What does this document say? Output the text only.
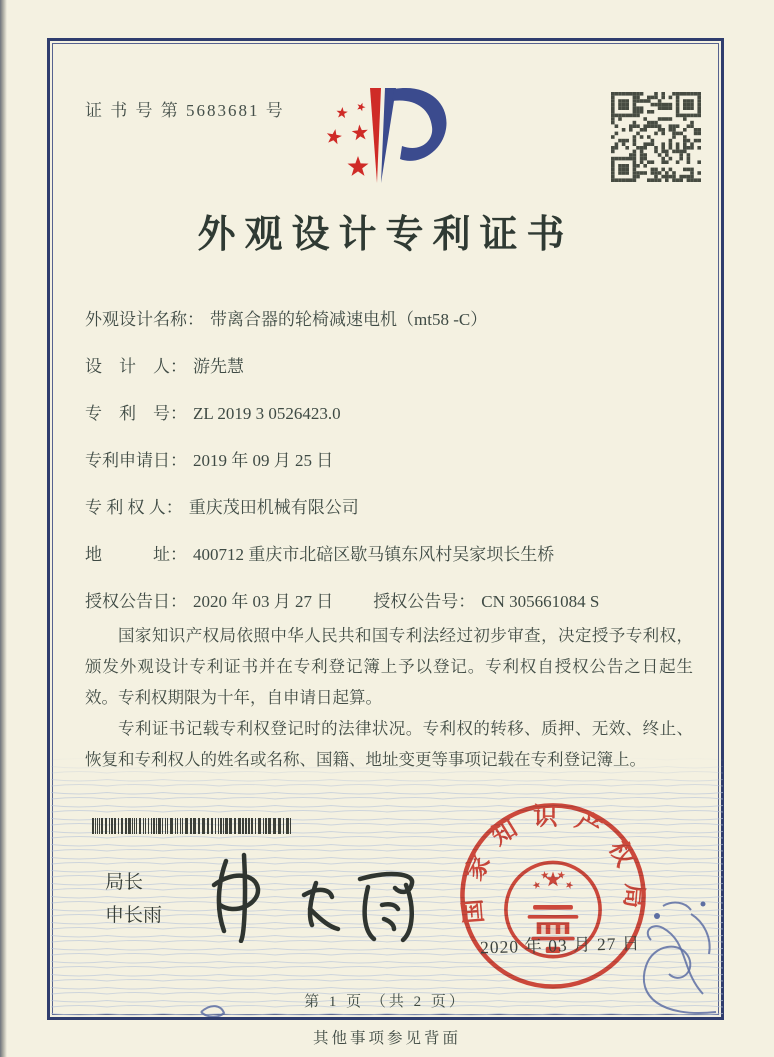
证 书 号 第 5683681 号
外观设计专利证书
外观设计名称： 带离合器的轮椅减速电机（mt58 -C）
设　计　人： 游先慧
专　利　号： ZL 2019 3 0526423.0
专利申请日： 2019 年 09 月 25 日
专 利 权 人： 重庆茂田机械有限公司
地　　　址： 400712 重庆市北碚区歇马镇东风村吴家坝长生桥
授权公告日： 2020 年 03 月 27 日 授权公告号： CN 305661084 S

国家知识产权局依照中华人民共和国专利法经过初步审查，决定授予专利权，颁发外观设计专利证书并在专利登记簿上予以登记。专利权自授权公告之日起生效。专利权期限为十年，自申请日起算。

专利证书记载专利权登记时的法律状况。专利权的转移、质押、无效、终止、恢复和专利权人的姓名或名称、国籍、地址变更等事项记载在专利登记簿上。

局长
申长雨	国家知识产权局
2020 年 03 月 27 日
第 1 页 （共 2 页）
其他事项参见背面
